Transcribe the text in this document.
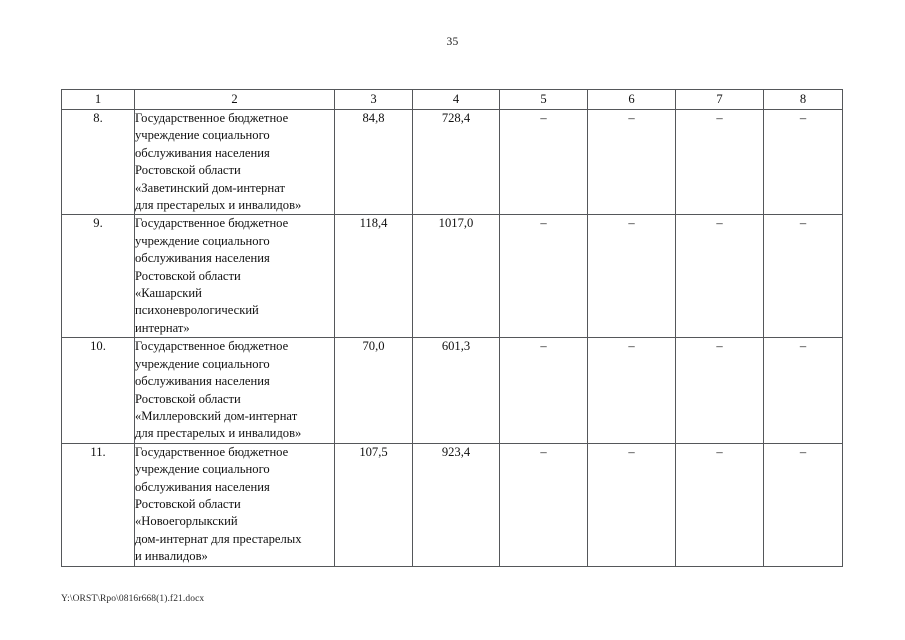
35
1	2	3	4	5	6	7	8
8.	Государственное бюджетное
учреждение социального
обслуживания населения
Ростовской области
«Заветинский дом-интернат
для престарелых и инвалидов»
	84,8	728,4	–	–	–	–
9.	Государственное бюджетное
учреждение социального
обслуживания населения
Ростовской области
«Кашарский
психоневрологический
интернат»
	118,4	1017,0	–	–	–	–
10.	Государственное бюджетное
учреждение социального
обслуживания населения
Ростовской области
«Миллеровский дом-интернат
для престарелых и инвалидов»
	70,0	601,3	–	–	–	–
11.	Государственное бюджетное
учреждение социального
обслуживания населения
Ростовской области
«Новоегорлыкский
дом-интернат для престарелых
и инвалидов»
	107,5	923,4	–	–	–	–
Y:\ORST\Rpo\0816r668(1).f21.docx
